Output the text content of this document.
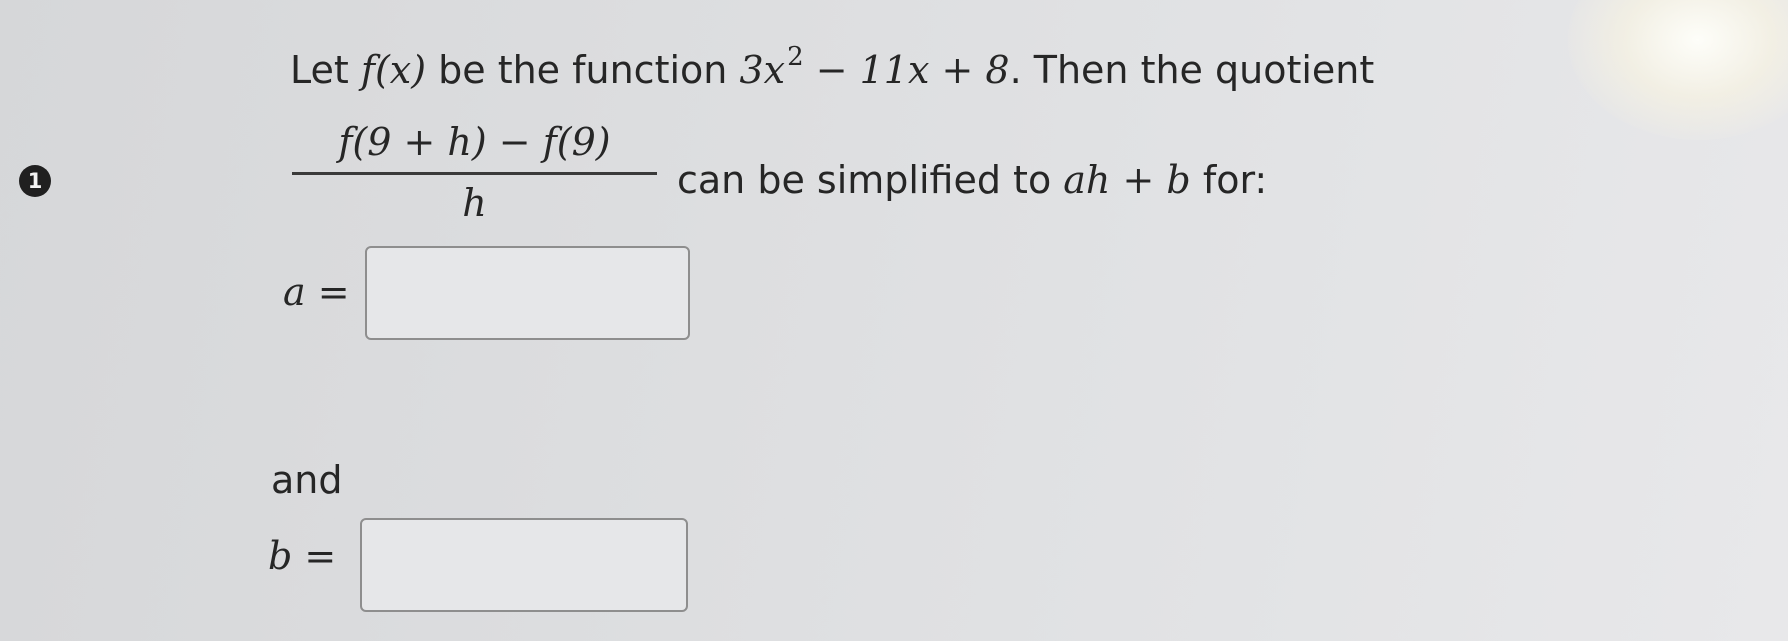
1
Let f(x) be the function $3x^2 - 11x + 8$. Then the quotient
f(9 + h) − f(9)
h
can be simplified to ah + b for:
a =
and
b =
